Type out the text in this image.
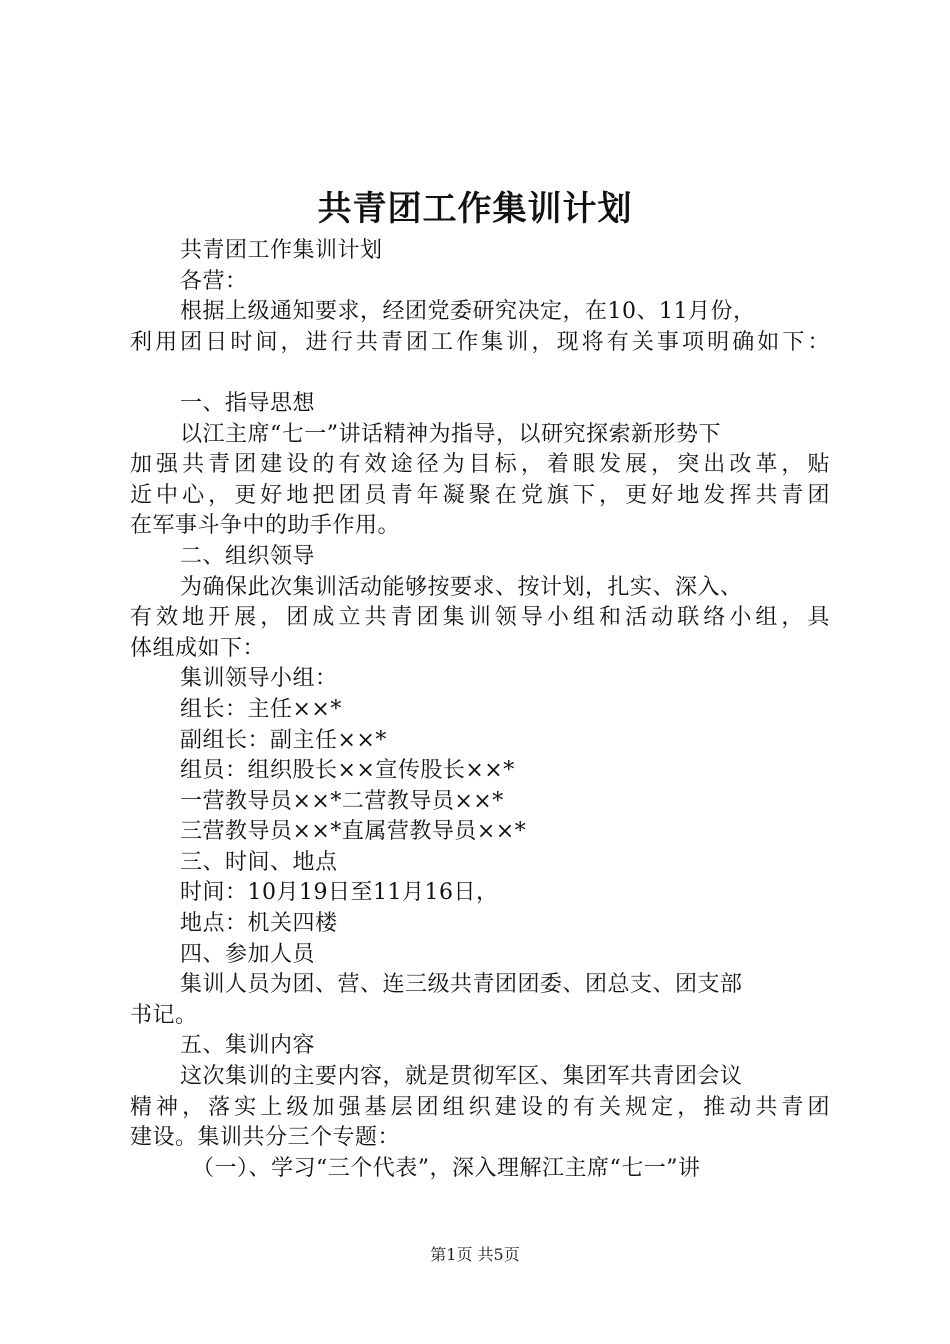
共青团工作集训计划

共青团工作集训计划

各营：

根据上级通知要求，经团党委研究决定，在10、11月份，

利用团日时间，进行共青团工作集训，现将有关事项明确如下：

一、指导思想

以江主席“七一”讲话精神为指导，以研究探索新形势下

加强共青团建设的有效途径为目标，着眼发展，突出改革，贴

近中心，更好地把团员青年凝聚在党旗下，更好地发挥共青团

在军事斗争中的助手作用。

二、组织领导

为确保此次集训活动能够按要求、按计划，扎实、深入、

有效地开展，团成立共青团集训领导小组和活动联络小组，具

体组成如下：

集训领导小组：

组长：主任××*

副组长：副主任××*

组员：组织股长××宣传股长××*

一营教导员××*二营教导员××*

三营教导员××*直属营教导员××*

三、时间、地点

时间：10月19日至11月16日，

地点：机关四楼

四、参加人员

集训人员为团、营、连三级共青团团委、团总支、团支部

书记。

五、集训内容

这次集训的主要内容，就是贯彻军区、集团军共青团会议

精神，落实上级加强基层团组织建设的有关规定，推动共青团

建设。集训共分三个专题：

（一）、学习“三个代表”，深入理解江主席“七一”讲

第1页 共5页
